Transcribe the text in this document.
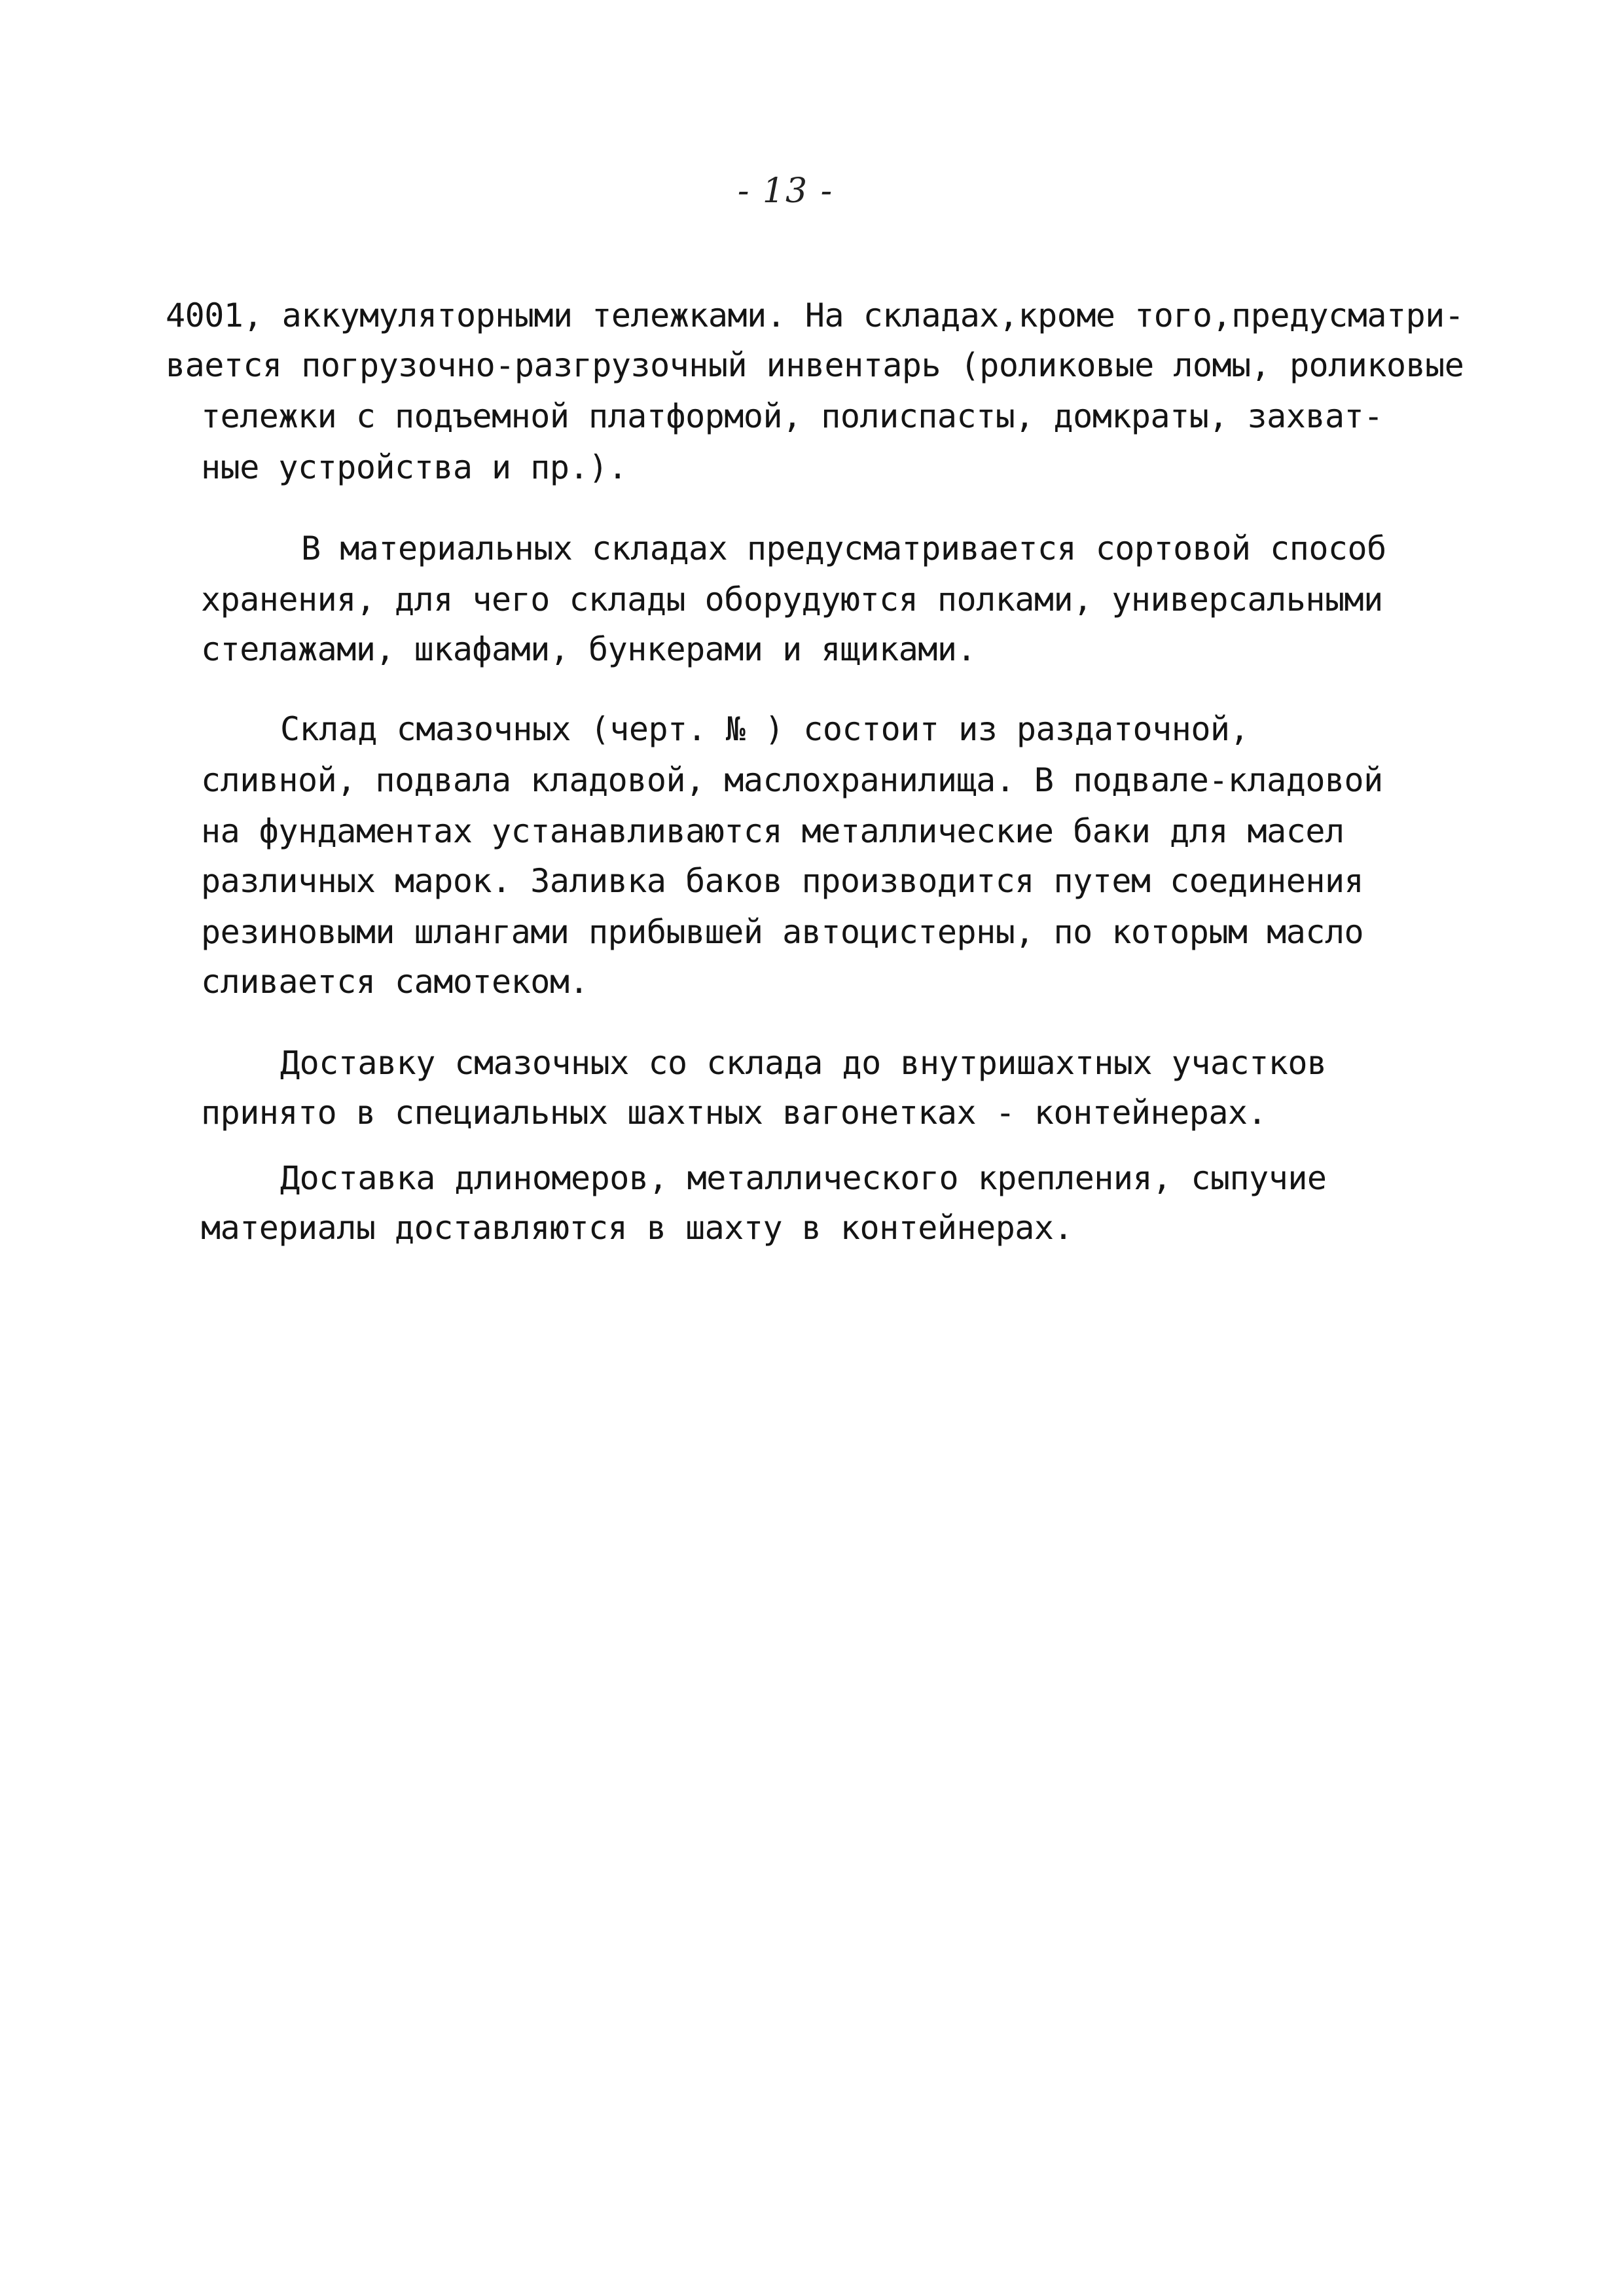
- 13 -
4001, аккумуляторными тележками. На складах,кроме того,предусматри-
вается погрузочно-разгрузочный инвентарь (роликовые ломы, роликовые
тележки с подъемной платформой, полиспасты, домкраты, захват-
ные устройства и пр.).
В материальных складах предусматривается сортовой способ
хранения, для чего склады оборудуются полками, универсальными
стелажами, шкафами, бункерами и ящиками.
Склад смазочных (черт. № ) состоит из раздаточной,
сливной, подвала кладовой, маслохранилища. В подвале-кладовой
на фундаментах устанавливаются металлические баки для масел
различных марок. Заливка баков производится путем соединения
резиновыми шлангами прибывшей автоцистерны, по которым масло
сливается самотеком.
Доставку смазочных со склада до внутришахтных участков
принято в специальных шахтных вагонетках - контейнерах.
Доставка длиномеров, металлического крепления, сыпучие
материалы доставляются в шахту в контейнерах.
